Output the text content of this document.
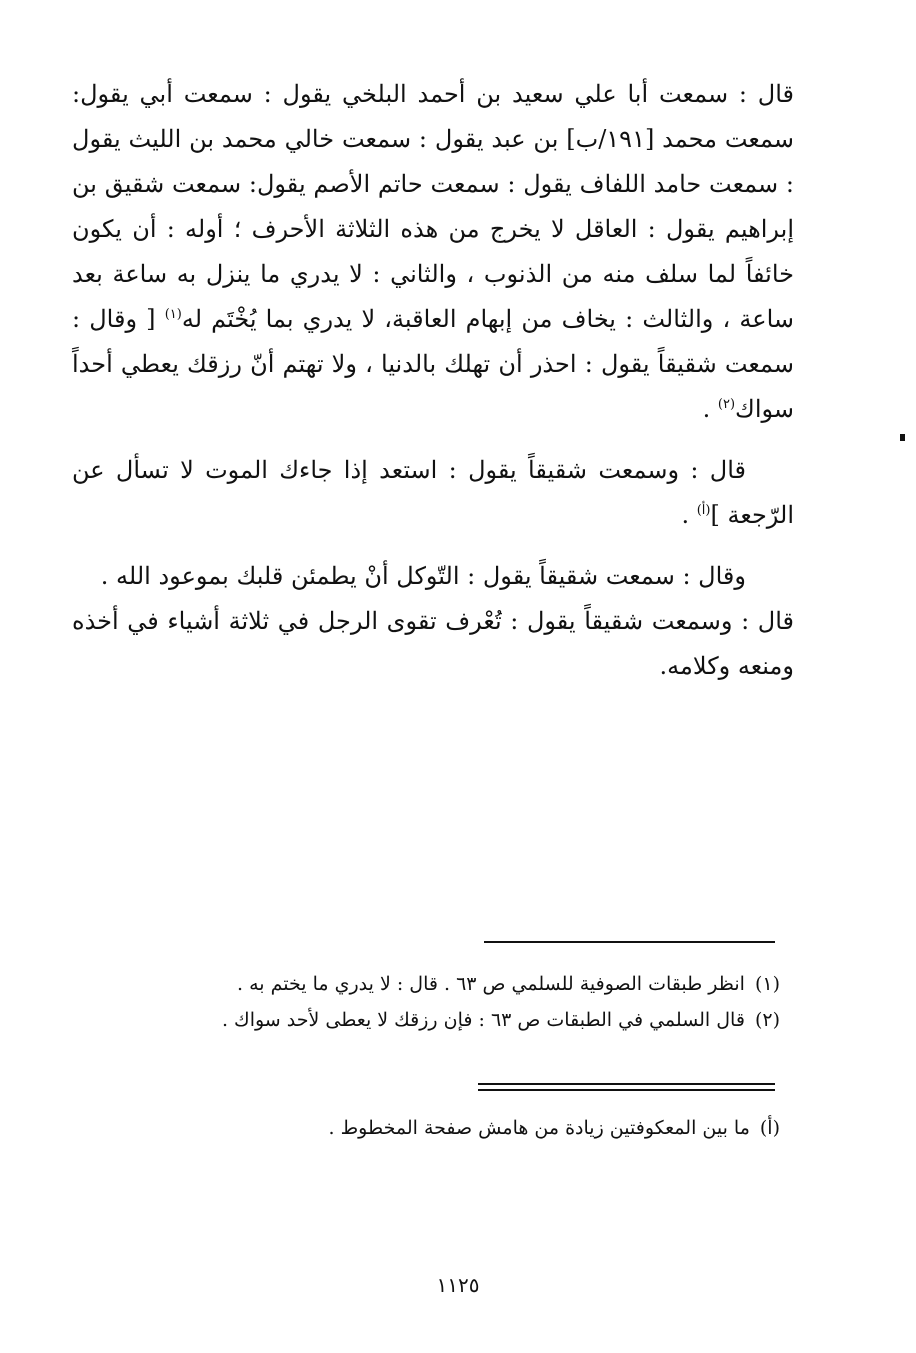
قال : سمعت أبا علي سعيد بن أحمد البلخي يقول : سمعت أبي يقول: سمعت محمد [١٩١/ب] بن عبد يقول : سمعت خالي محمد بن الليث يقول : سمعت حامد اللفاف يقول : سمعت حاتم الأصم يقول: سمعت شقيق بن إبراهيم يقول : العاقل لا يخرج من هذه الثلاثة الأحرف ؛ أوله : أن يكون خائفاً لما سلف منه من الذنوب ، والثاني : لا يدري ما ينزل به ساعة بعد ساعة ، والثالث : يخاف من إبهام العاقبة، لا يدري بما يُخْتَم له$^{(١)}$ [ وقال : سمعت شقيقاً يقول : احذر أن تهلك بالدنيا ، ولا تهتم أنّ رزقك يعطي أحداً سواك$^{(٢)}$ .

قال : وسمعت شقيقاً يقول : استعد إذا جاءك الموت لا تسأل عن الرّجعة ]$^{(أ)}$ .

وقال : سمعت شقيقاً يقول : التّوكل أنْ يطمئن قلبك بموعود الله .

قال : وسمعت شقيقاً يقول : تُعْرف تقوى الرجل في ثلاثة أشياء في أخذه ومنعه وكلامه.

(١)انظر طبقات الصوفية للسلمي ص ٦٣ . قال : لا يدري ما يختم به .
(٢)قال السلمي في الطبقات ص ٦٣ : فإن رزقك لا يعطى لأحد سواك .
(أ)ما بين المعكوفتين زيادة من هامش صفحة المخطوط .
١١٢٥
